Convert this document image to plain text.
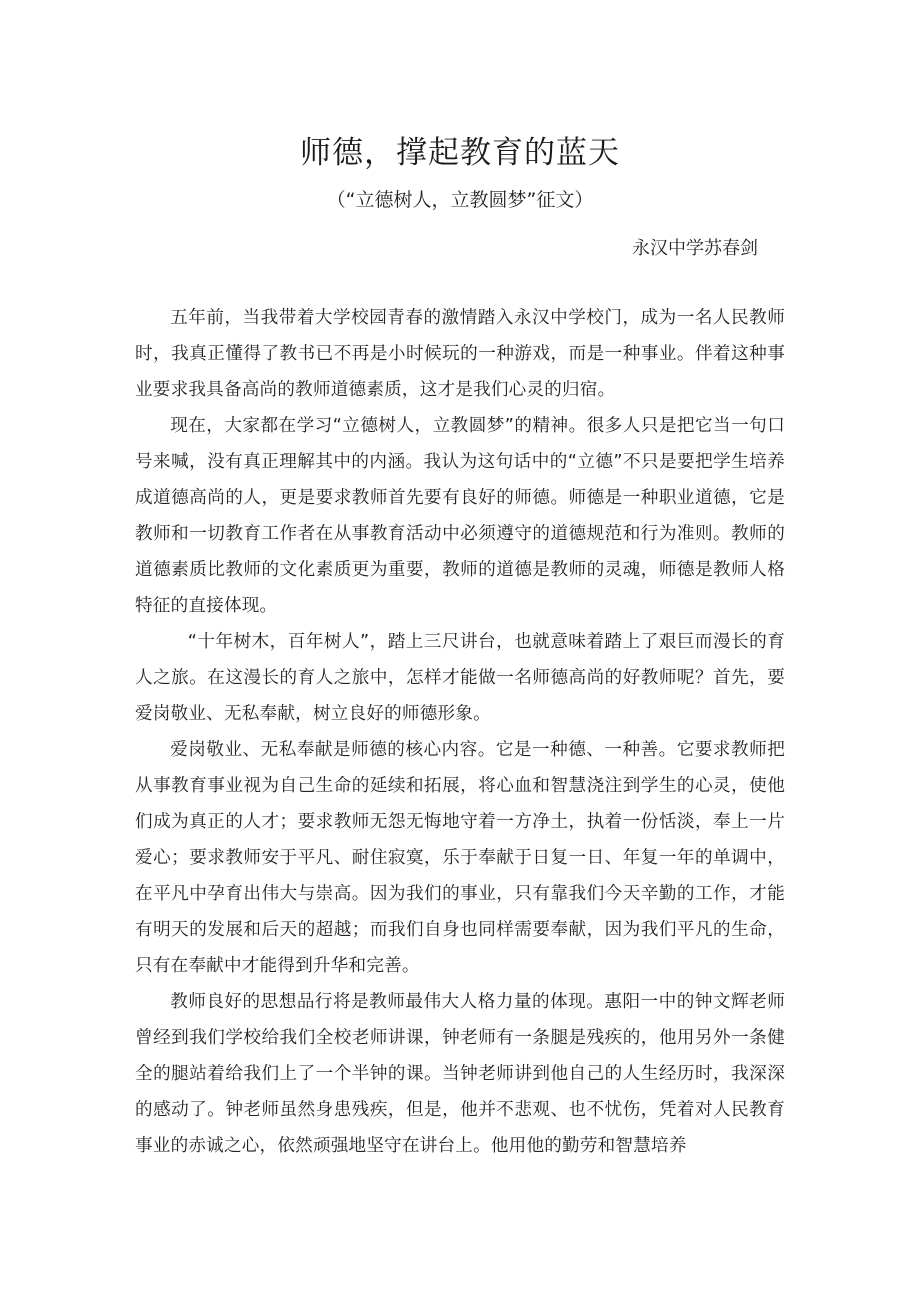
师德，撑起教育的蓝天
（“立德树人，立教圆梦”征文）
永汉中学苏春剑

五年前，当我带着大学校园青春的激情踏入永汉中学校门，成为一名人民教师时，我真正懂得了教书已不再是小时候玩的一种游戏，而是一种事业。伴着这种事业要求我具备高尚的教师道德素质，这才是我们心灵的归宿。

现在，大家都在学习“立德树人，立教圆梦”的精神。很多人只是把它当一句口号来喊，没有真正理解其中的内涵。我认为这句话中的“立德”不只是要把学生培养成道德高尚的人，更是要求教师首先要有良好的师德。师德是一种职业道德，它是教师和一切教育工作者在从事教育活动中必须遵守的道德规范和行为准则。教师的道德素质比教师的文化素质更为重要，教师的道德是教师的灵魂，师德是教师人格特征的直接体现。

“十年树木，百年树人”，踏上三尺讲台，也就意味着踏上了艰巨而漫长的育人之旅。在这漫长的育人之旅中，怎样才能做一名师德高尚的好教师呢？首先，要爱岗敬业、无私奉献，树立良好的师德形象。

爱岗敬业、无私奉献是师德的核心内容。它是一种德、一种善。它要求教师把从事教育事业视为自己生命的延续和拓展，将心血和智慧浇注到学生的心灵，使他们成为真正的人才；要求教师无怨无悔地守着一方净土，执着一份恬淡，奉上一片爱心；要求教师安于平凡、耐住寂寞，乐于奉献于日复一日、年复一年的单调中，在平凡中孕育出伟大与崇高。因为我们的事业，只有靠我们今天辛勤的工作，才能有明天的发展和后天的超越；而我们自身也同样需要奉献，因为我们平凡的生命，只有在奉献中才能得到升华和完善。

教师良好的思想品行将是教师最伟大人格力量的体现。惠阳一中的钟文辉老师曾经到我们学校给我们全校老师讲课，钟老师有一条腿是残疾的，他用另外一条健全的腿站着给我们上了一个半钟的课。当钟老师讲到他自己的人生经历时，我深深的感动了。钟老师虽然身患残疾，但是，他并不悲观、也不忧伤，凭着对人民教育事业的赤诚之心，依然顽强地坚守在讲台上。他用他的勤劳和智慧培养
